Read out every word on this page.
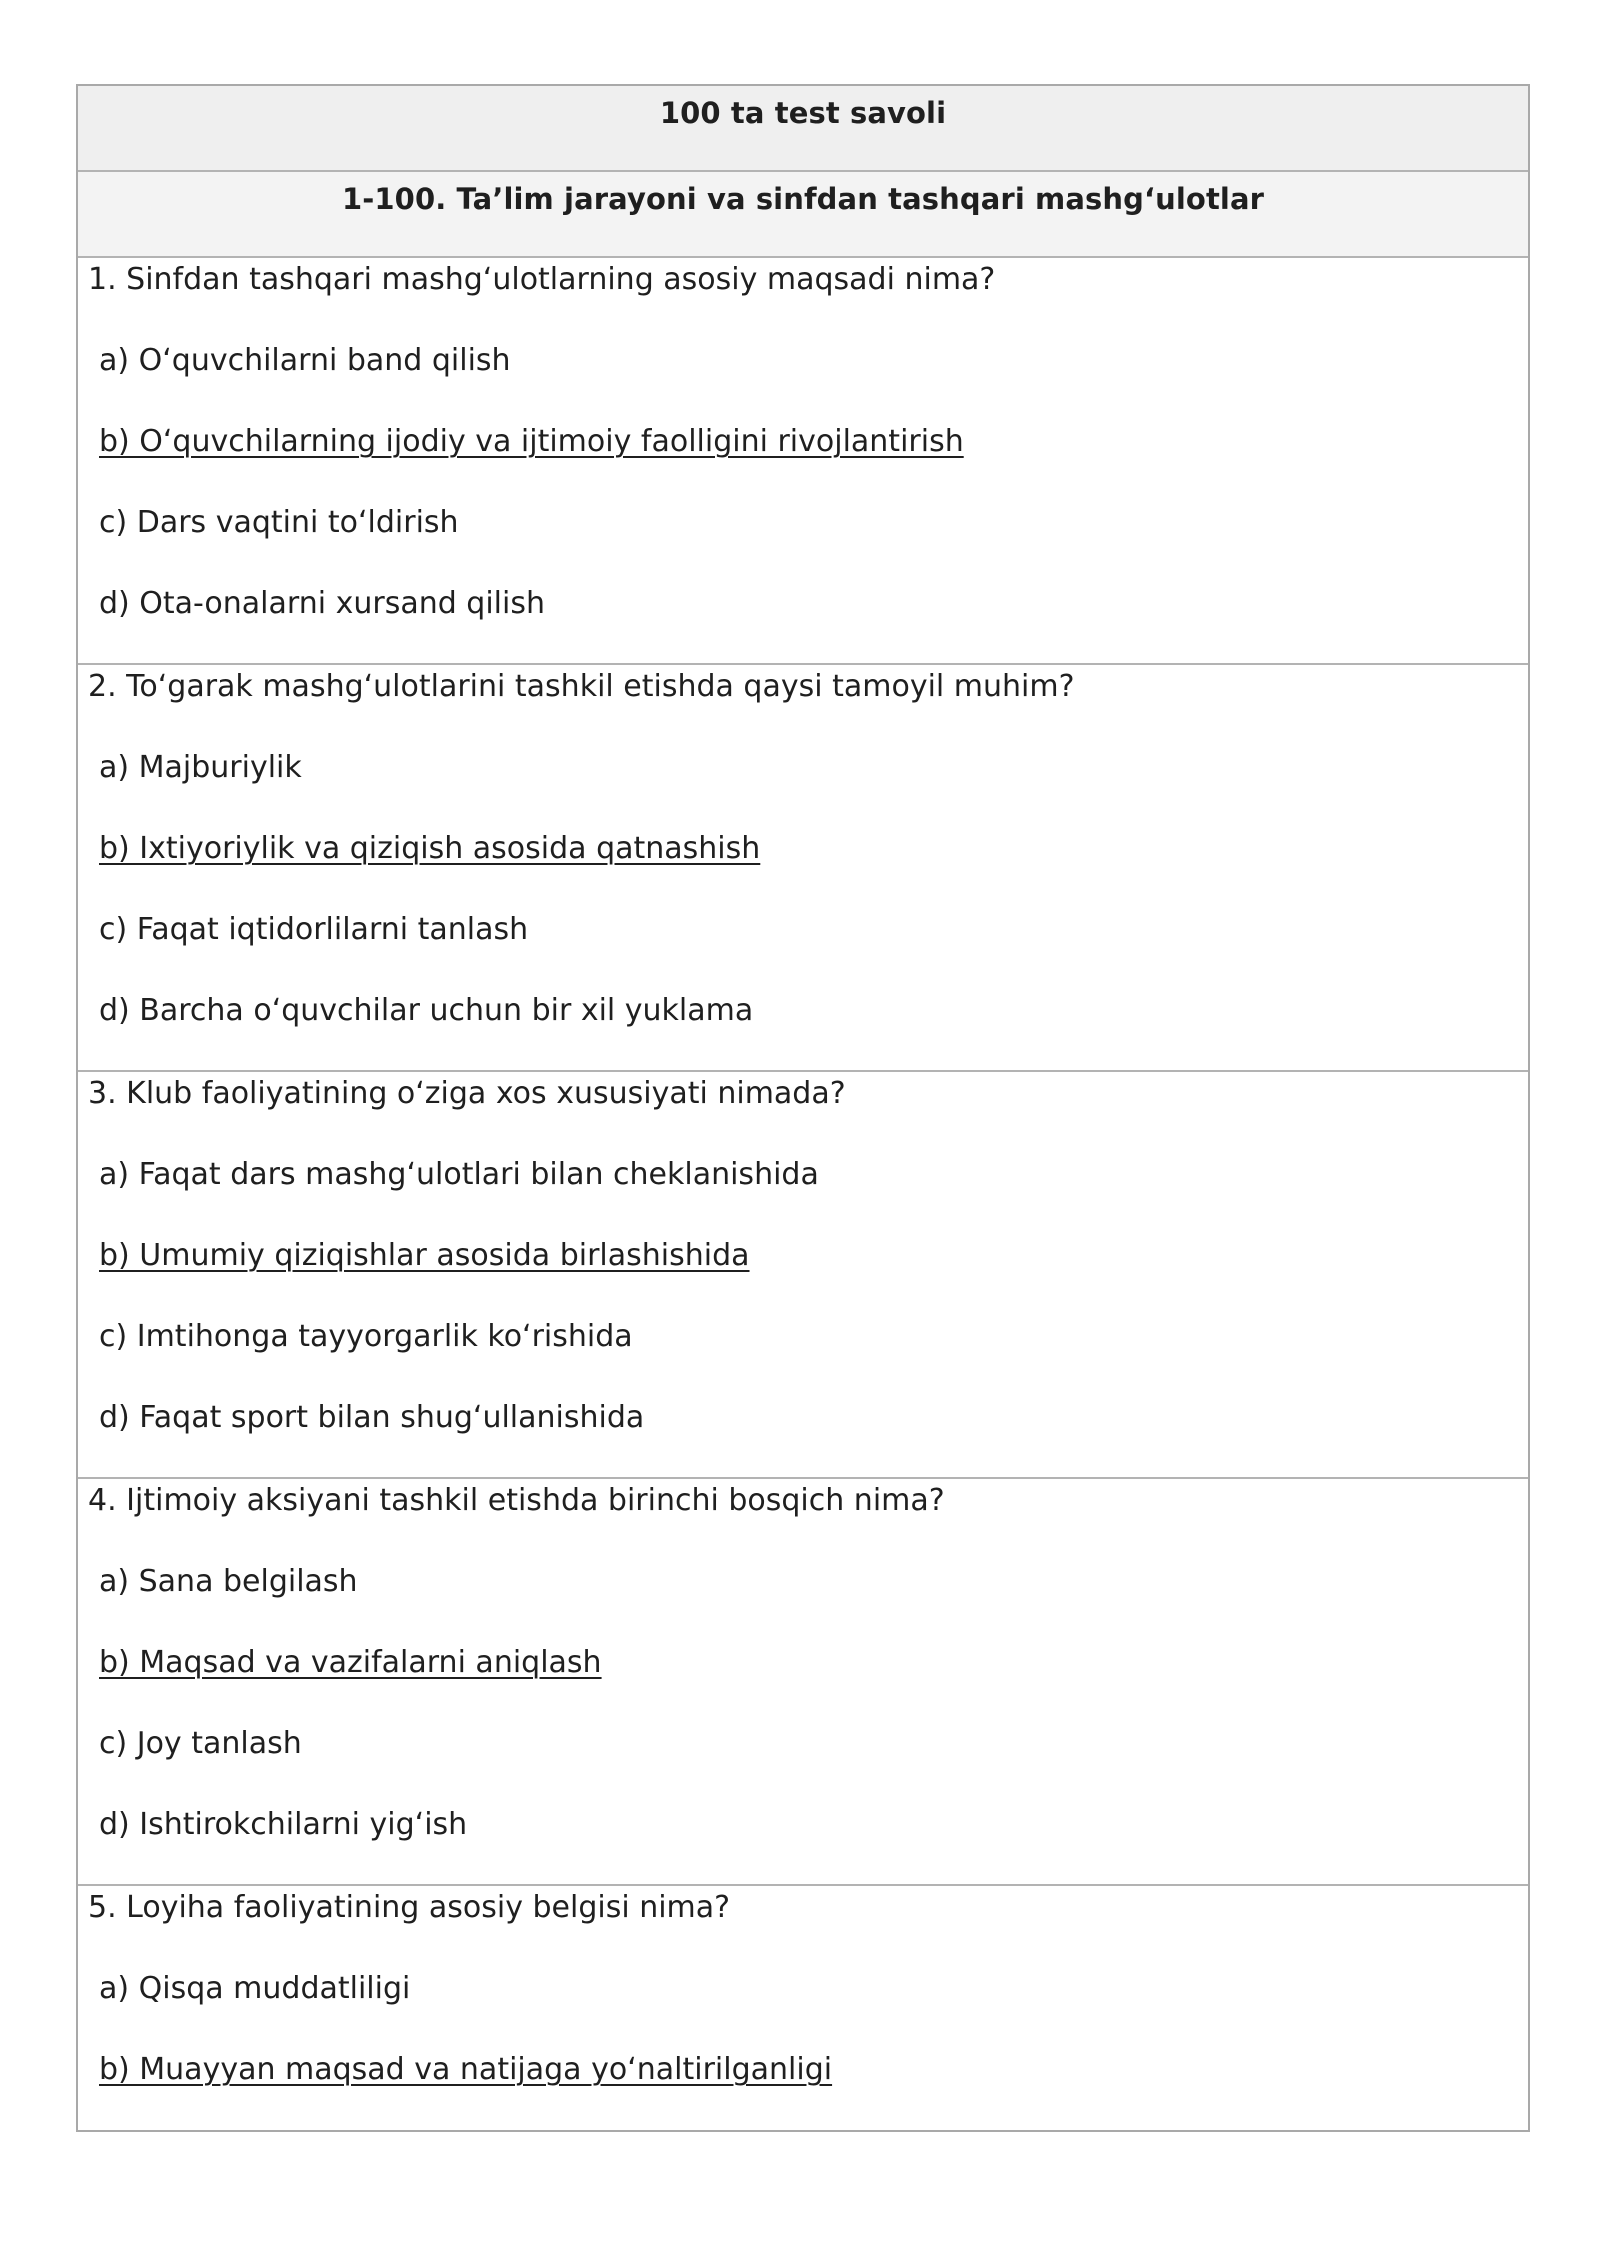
100 ta test savoli
1-100. Ta’lim jarayoni va sinfdan tashqari mashg‘ulotlar
1. Sinfdan tashqari mashg‘ulotlarning asosiy maqsadi nima?
a) O‘quvchilarni band qilish
b) O‘quvchilarning ijodiy va ijtimoiy faolligini rivojlantirish
c) Dars vaqtini to‘ldirish
d) Ota-onalarni xursand qilish
2. To‘garak mashg‘ulotlarini tashkil etishda qaysi tamoyil muhim?
a) Majburiylik
b) Ixtiyoriylik va qiziqish asosida qatnashish
c) Faqat iqtidorlilarni tanlash
d) Barcha o‘quvchilar uchun bir xil yuklama
3. Klub faoliyatining o‘ziga xos xususiyati nimada?
a) Faqat dars mashg‘ulotlari bilan cheklanishida
b) Umumiy qiziqishlar asosida birlashishida
c) Imtihonga tayyorgarlik ko‘rishida
d) Faqat sport bilan shug‘ullanishida
4. Ijtimoiy aksiyani tashkil etishda birinchi bosqich nima?
a) Sana belgilash
b) Maqsad va vazifalarni aniqlash
c) Joy tanlash
d) Ishtirokchilarni yig‘ish
5. Loyiha faoliyatining asosiy belgisi nima?
a) Qisqa muddatliligi
b) Muayyan maqsad va natijaga yo‘naltirilganligi
